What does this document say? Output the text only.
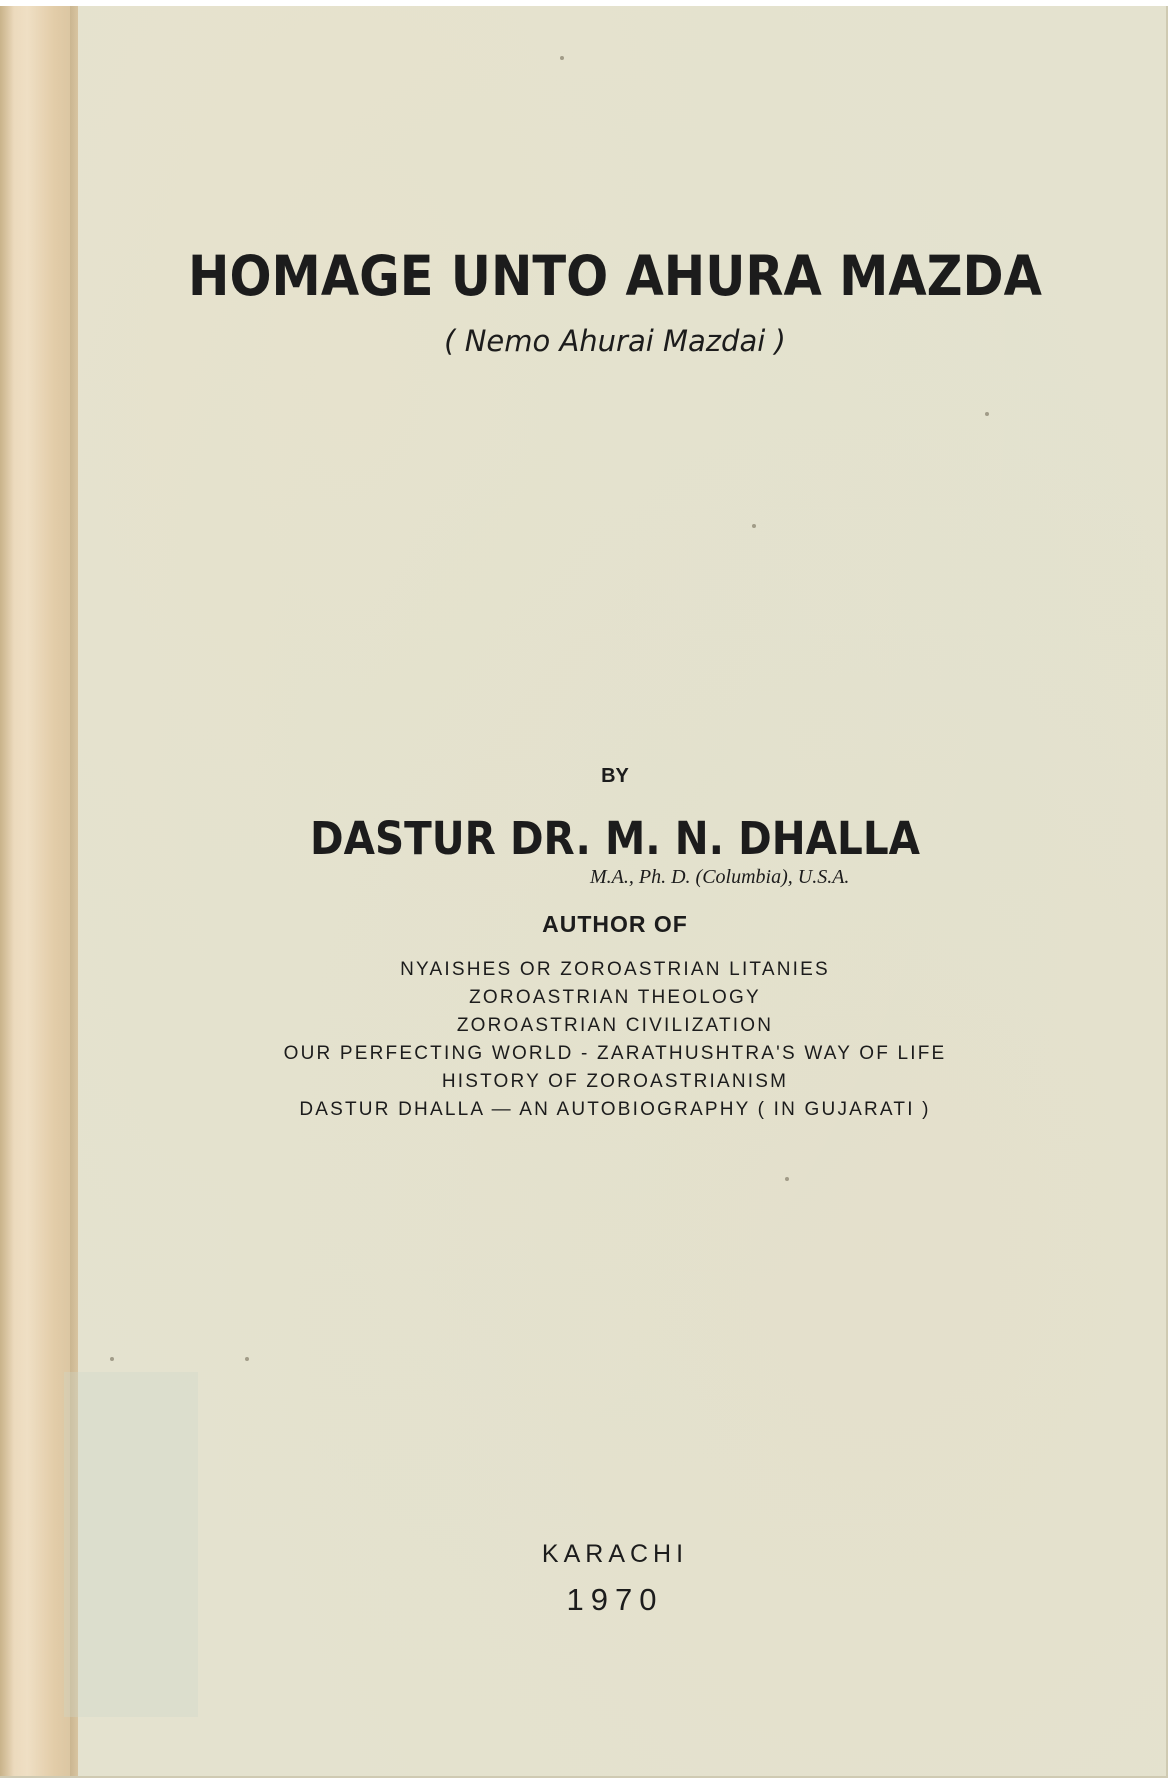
HOMAGE UNTO AHURA MAZDA
( Nemo Ahurai Mazdai )
BY
DASTUR DR. M. N. DHALLA
M.A., Ph. D. (Columbia), U.S.A.
AUTHOR OF
NYAISHES OR ZOROASTRIAN LITANIES
ZOROASTRIAN THEOLOGY
ZOROASTRIAN CIVILIZATION
OUR PERFECTING WORLD - ZARATHUSHTRA'S WAY OF LIFE
HISTORY OF ZOROASTRIANISM
DASTUR DHALLA — AN AUTOBIOGRAPHY ( IN GUJARATI )
KARACHI
1970
